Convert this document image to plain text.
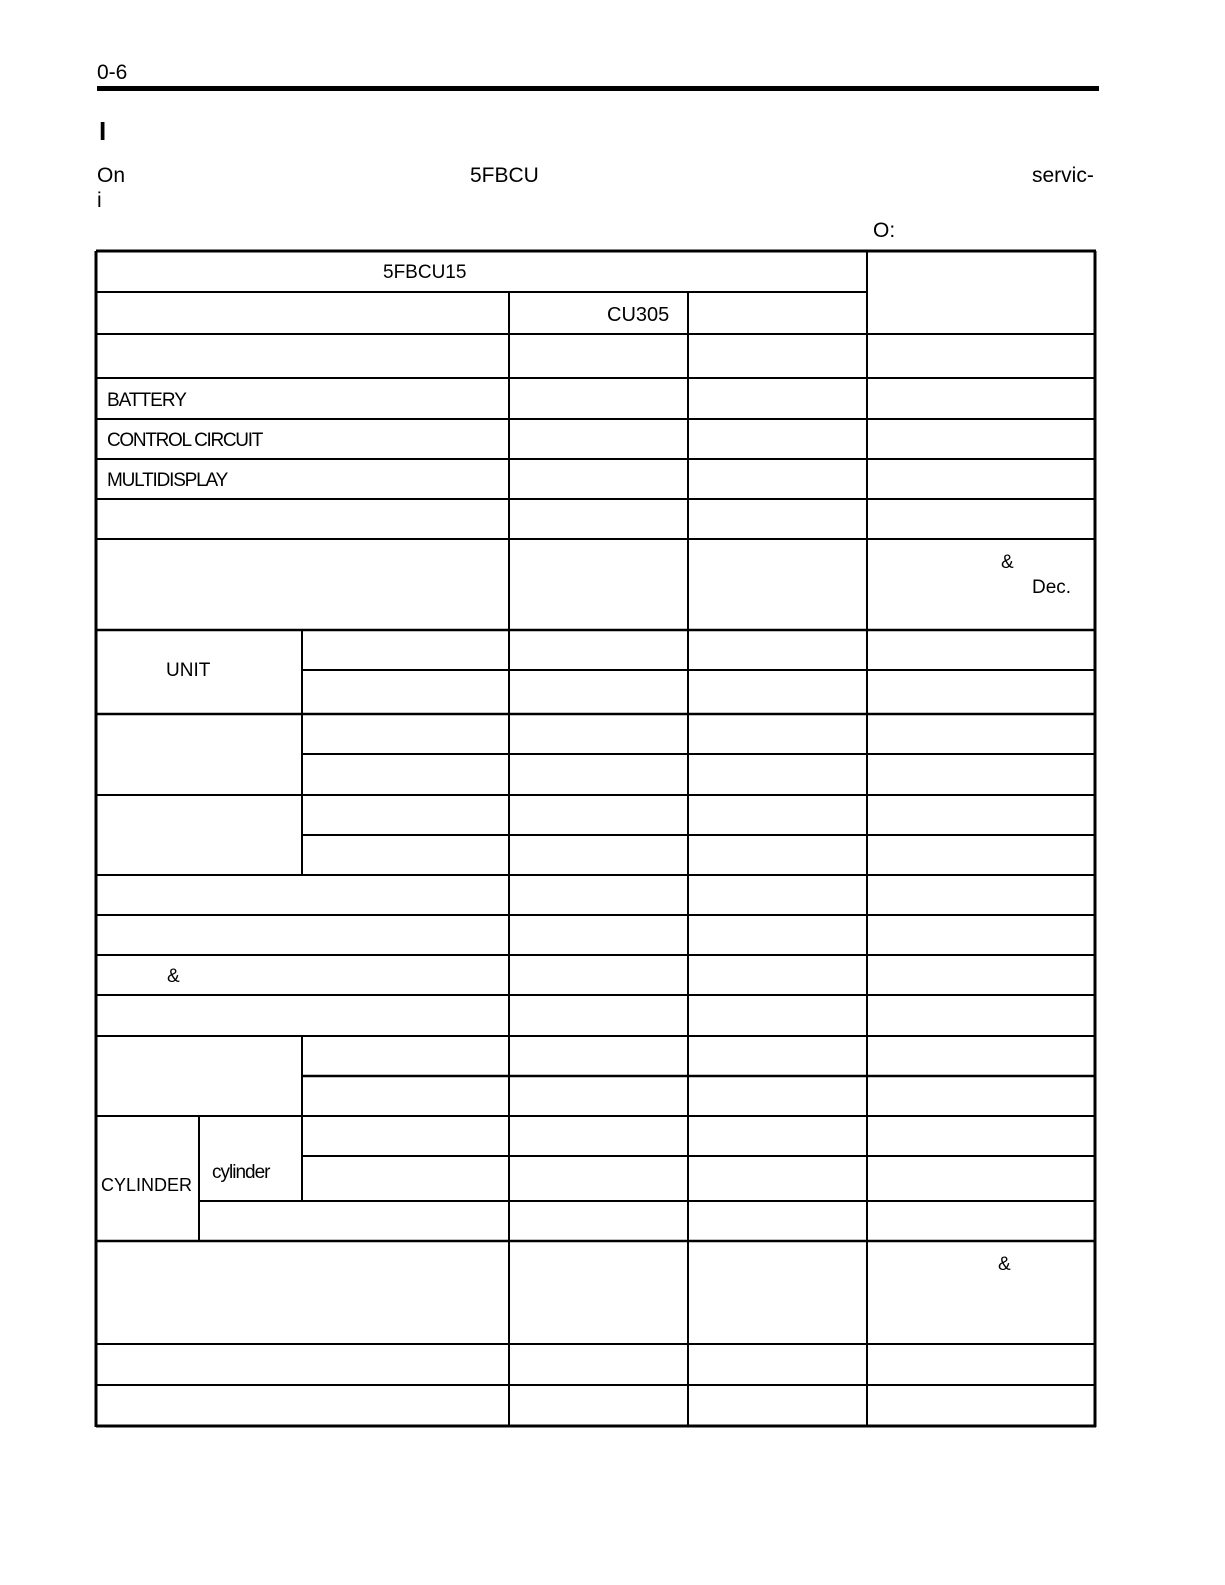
0-6
I
On	5FBCU	servic-
i
O:
5FBCU15
CU305
BATTERY
CONTROL CIRCUIT
MULTIDISPLAY
&
Dec.
UNIT
&
cylinder
CYLINDER
&
